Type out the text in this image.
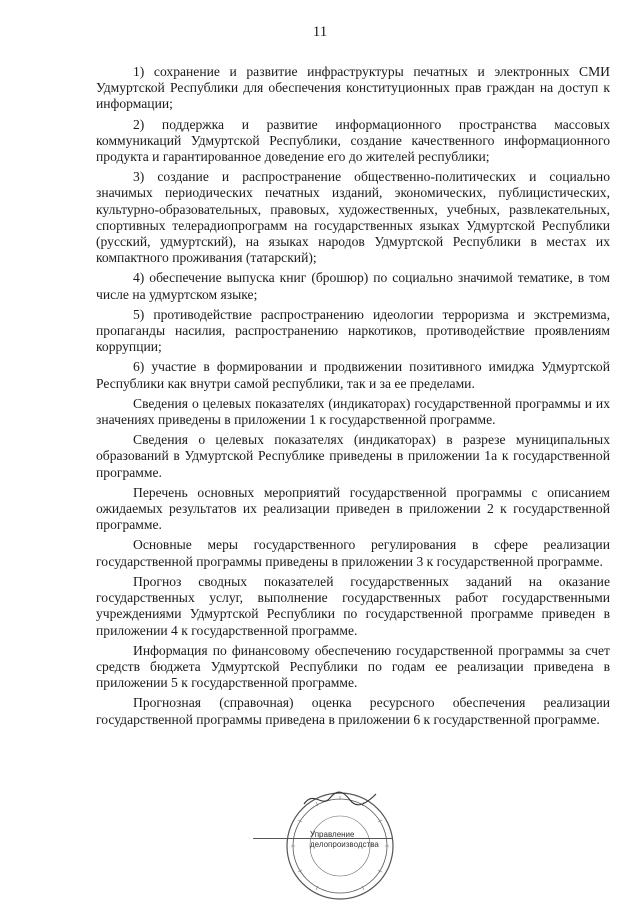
11

1) сохранение и развитие инфраструктуры печатных и электронных СМИ Удмуртской Республики для обеспечения конституционных прав граждан на доступ к информации;

2) поддержка и развитие информационного пространства массовых коммуникаций Удмуртской Республики, создание качественного информационного продукта и гарантированное доведение его до жителей республики;

3) создание и распространение общественно-политических и социально значимых периодических печатных изданий, экономических, публицистических, культурно-образовательных, правовых, художественных, учебных, развлекательных, спортивных телерадиопрограмм на государственных языках Удмуртской Республики (русский, удмуртский), на языках народов Удмуртской Республики в местах их компактного проживания (татарский);

4) обеспечение выпуска книг (брошюр) по социально значимой тематике, в том числе на удмуртском языке;

5) противодействие распространению идеологии терроризма и экстремизма, пропаганды насилия, распространению наркотиков, противодействие проявлениям коррупции;

6) участие в формировании и продвижении позитивного имиджа Удмуртской Республики как внутри самой республики, так и за ее пределами.

Сведения о целевых показателях (индикаторах) государственной программы и их значениях приведены в приложении 1 к государственной программе.

Сведения о целевых показателях (индикаторах) в разрезе муниципальных образований в Удмуртской Республике приведены в приложении 1а к государственной программе.

Перечень основных мероприятий государственной программы с описанием ожидаемых результатов их реализации приведен в приложении 2 к государственной программе.

Основные меры государственного регулирования в сфере реализации государственной программы приведены в приложении 3 к государственной программе.

Прогноз сводных показателей государственных заданий на оказание государственных услуг, выполнение государственных работ государственными учреждениями Удмуртской Республики по государственной программе приведен в приложении 4 к государственной программе.

Информация по финансовому обеспечению государственной программы за счет средств бюджета Удмуртской Республики по годам ее реализации приведена в приложении 5 к государственной программе.

Прогнозная (справочная) оценка ресурсного обеспечения реализации государственной программы приведена в приложении 6 к государственной программе.

Управление
делопроизводства
